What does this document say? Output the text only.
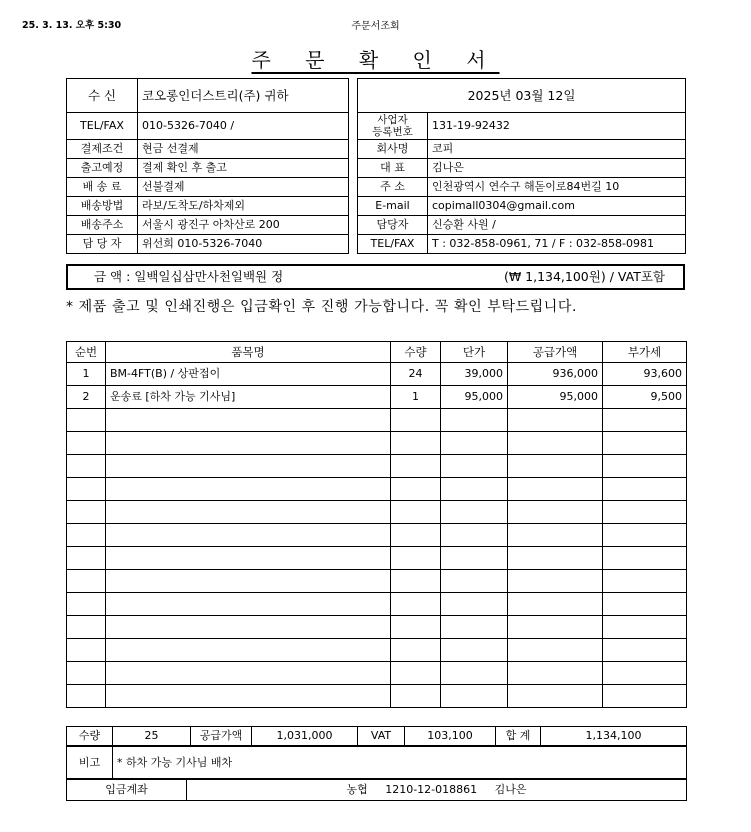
25. 3. 13. 오후 5:30	주문서조회
주 문 확 인 서
수 신	코오롱인더스트리(주) 귀하
TEL/FAX	010-5326-7040 /
결제조건	현금 선결제
출고예정	결제 확인 후 출고
배 송 료	선불결제
배송방법	라보/도착도/하차제외
배송주소	서울시 광진구 아차산로 200
담 당 자	위선희 010-5326-7040
2025년 03월 12일	
사업자
등록번호	131-19-92432
회사명	코피
대 표	김나은
주 소	인천광역시 연수구 해돋이로84번길 10
E-mail	copimall0304@gmail.com
담당자	신승환 사원 /
TEL/FAX	T : 032-858-0961, 71 / F : 032-858-0981
금 액 : 일백일십삼만사천일백원 정	(₩ 1,134,100원) / VAT포함
* 제품 출고 및 인쇄진행은 입금확인 후 진행 가능합니다. 꼭 확인 부탁드립니다.
순번	품목명	수량	단가	공급가액	부가세
1	BM-4FT(B) / 상판접이	24	39,000	936,000	93,600
2	운송료 [하차 가능 기사님]	1	95,000	95,000	9,500

수량	25	공급가액	1,031,000	VAT	103,100	합 계	1,134,100
비고	* 하차 가능 기사님 배차
입금계좌	농협     1210-12-018861     김나은
